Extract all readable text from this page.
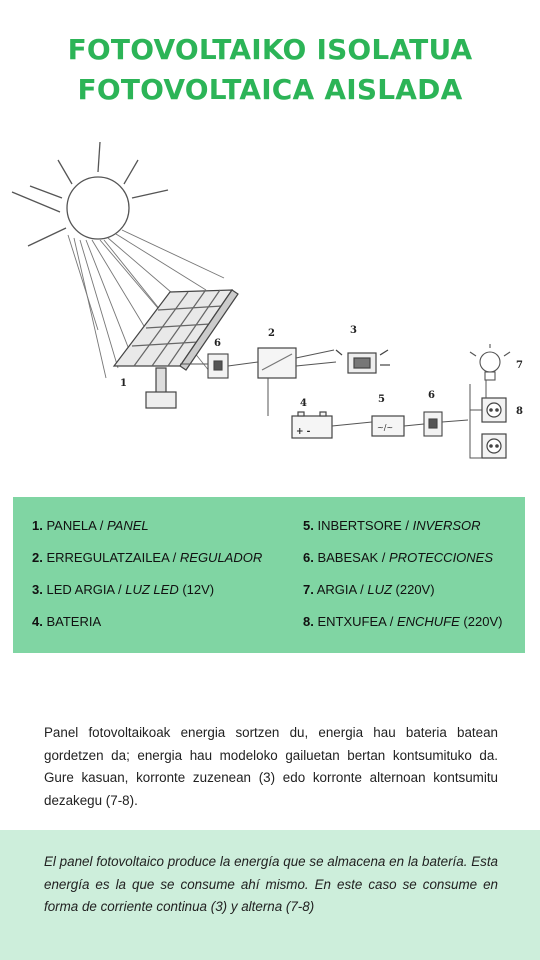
FOTOVOLTAIKO ISOLATUA
FOTOVOLTAICA AISLADA
1
2	3
4	5
6
6
7
8
+ -	~/~
1. PANELA / PANEL
2. ERREGULATZAILEA / REGULADOR
3. LED ARGIA / LUZ LED (12V)
4. BATERIA
5. INBERTSORE / INVERSOR
6. BABESAK / PROTECCIONES
7. ARGIA / LUZ (220V)
8. ENTXUFEA / ENCHUFE (220V)
Panel fotovoltaikoak energia sortzen du, energia hau bateria batean gordetzen da; energia hau modeloko gailuetan bertan kontsumituko da. Gure kasuan, korronte zuzenean (3) edo korronte alternoan kontsumitu dezakegu (7-8).
El panel fotovoltaico produce la energía que se almacena en la batería. Esta energía es la que se consume ahí mismo. En este caso se consume en forma de corriente continua (3) y alterna (7-8)
